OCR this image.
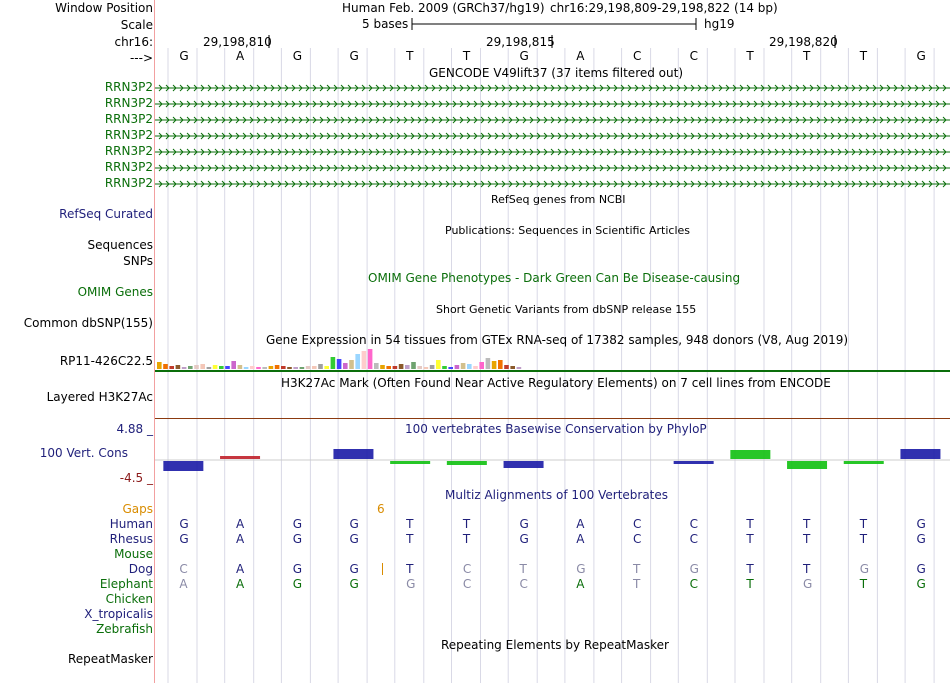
Window Position	Human Feb. 2009 (GRCh37/hg19) chr16:29,198,809-29,198,822 (14 bp)
Scale	5 bases	hg19
chr16:	29,198,810	29,198,815	29,198,820
---> G	A	G	G	T	T	G	A	C	C	T	T	T	G
GENCODE V49lift37 (37 items filtered out)
RRN3P2
RRN3P2
RRN3P2
RRN3P2
RRN3P2
RRN3P2
RRN3P2
RefSeq Curated
RefSeq genes from NCBI
Sequences
Publications: Sequences in Scientific Articles
SNPs
OMIM Gene Phenotypes - Dark Green Can Be Disease-causing
OMIM Genes
Short Genetic Variants from dbSNP release 155
Common dbSNP(155)
Gene Expression in 54 tissues from GTEx RNA-seq of 17382 samples, 948 donors (V8, Aug 2019)
RP11-426C22.5
H3K27Ac Mark (Often Found Near Active Regulatory Elements) on 7 cell lines from ENCODE
Layered H3K27Ac
4.88 _	100 vertebrates Basewise Conservation by PhyloP
100 Vert. Cons
-4.5 _
Multiz Alignments of 100 Vertebrates
Gaps	6
Human G	A	G	G	T	T	G	A	C	C	T	T	T	G
Rhesus G	A	G	G	T	T	G	A	C	C	T	T	T	G
Mouse
Dog C	A	G	G	T	C	T	G	T	G	T	T	G	G
Elephant A	A	G	G	G	C	C	A	T	C	T	G	T	G
Chicken
X_tropicalis
Zebrafish
Repeating Elements by RepeatMasker
RepeatMasker
